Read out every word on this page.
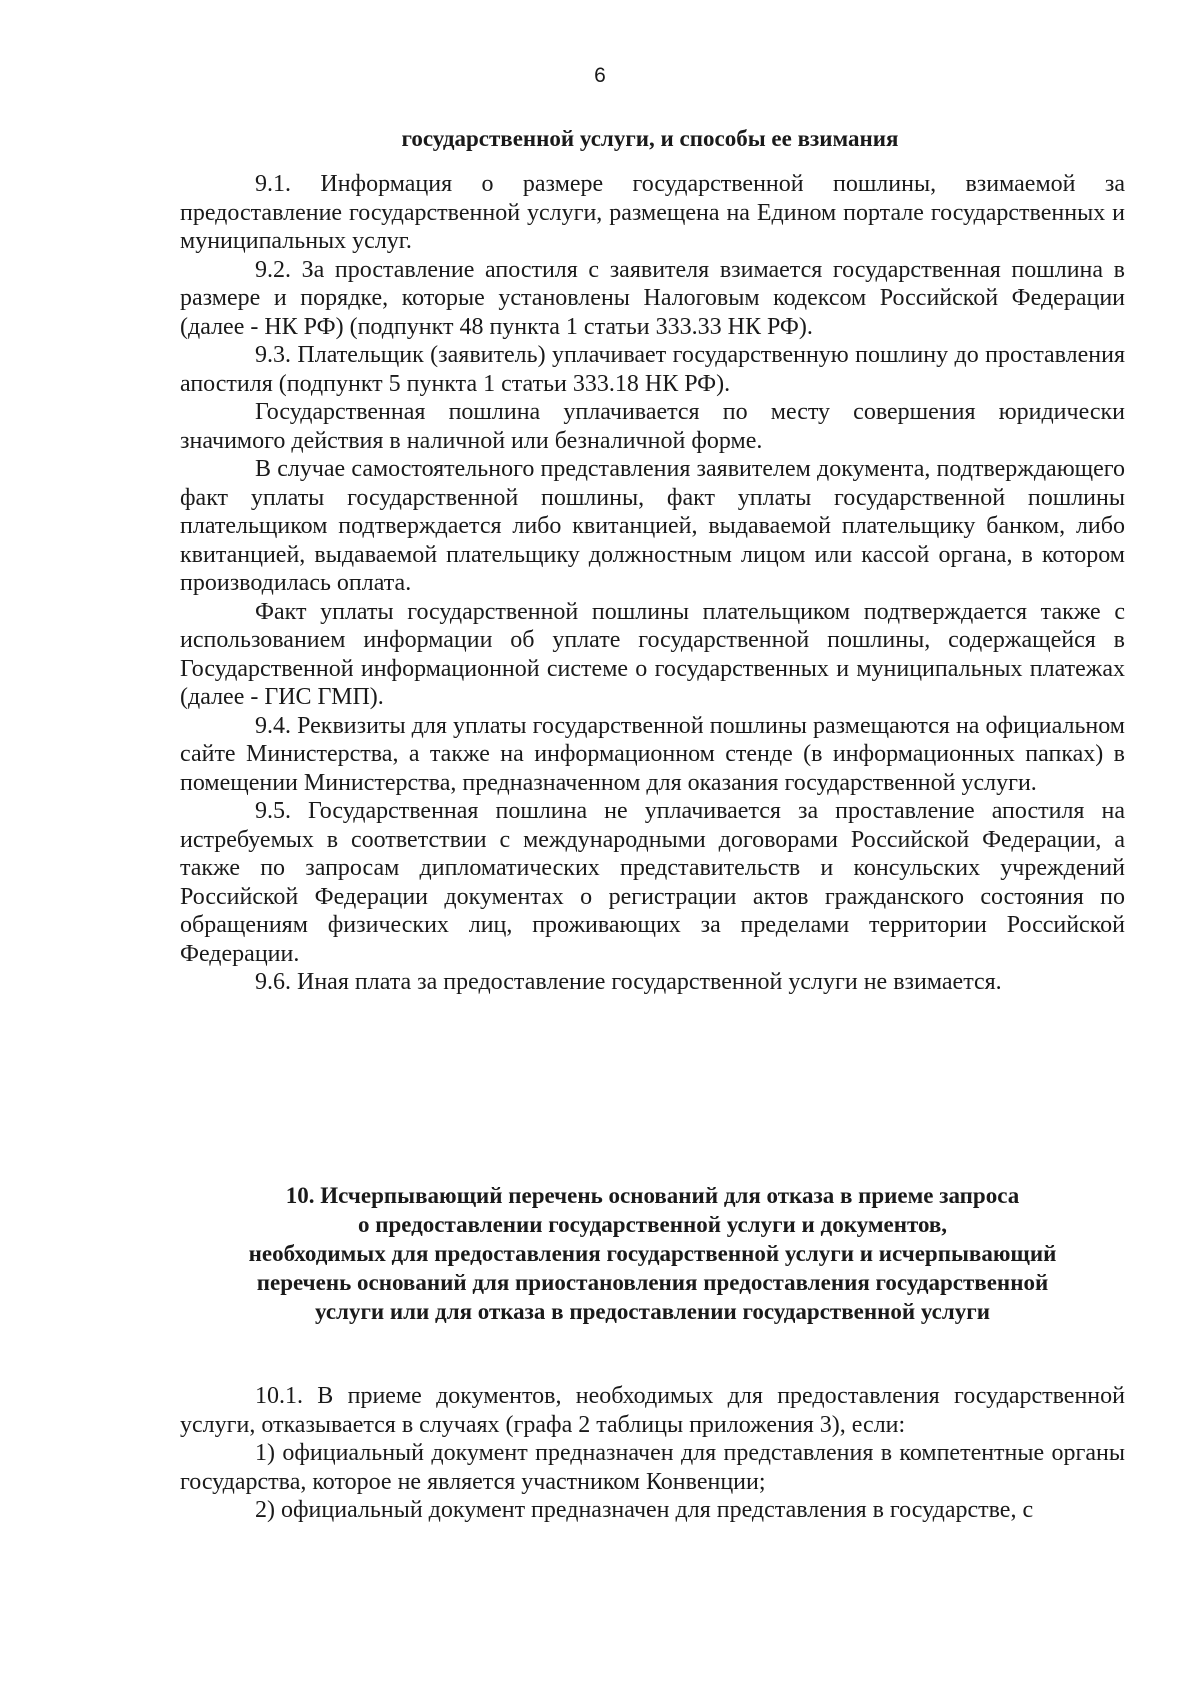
6
государственной услуги, и способы ее взимания

9.1. Информация о размере государственной пошлины, взимаемой за предоставление государственной услуги, размещена на Едином портале государственных и муниципальных услуг.

9.2. За проставление апостиля с заявителя взимается государственная пошлина в размере и порядке, которые установлены Налоговым кодексом Российской Федерации (далее - НК РФ) (подпункт 48 пункта 1 статьи 333.33 НК РФ).

9.3. Плательщик (заявитель) уплачивает государственную пошлину до проставления апостиля (подпункт 5 пункта 1 статьи 333.18 НК РФ).

Государственная пошлина уплачивается по месту совершения юридически значимого действия в наличной или безналичной форме.

В случае самостоятельного представления заявителем документа, подтверждающего факт уплаты государственной пошлины, факт уплаты государственной пошлины плательщиком подтверждается либо квитанцией, выдаваемой плательщику банком, либо квитанцией, выдаваемой плательщику должностным лицом или кассой органа, в котором производилась оплата.

Факт уплаты государственной пошлины плательщиком подтверждается также с использованием информации об уплате государственной пошлины, содержащейся в Государственной информационной системе о государственных и муниципальных платежах (далее - ГИС ГМП).

9.4. Реквизиты для уплаты государственной пошлины размещаются на официальном сайте Министерства, а также на информационном стенде (в информационных папках) в помещении Министерства, предназначенном для оказания государственной услуги.

9.5. Государственная пошлина не уплачивается за проставление апостиля на истребуемых в соответствии с международными договорами Российской Федерации, а также по запросам дипломатических представительств и консульских учреждений Российской Федерации документах о регистрации актов гражданского состояния по обращениям физических лиц, проживающих за пределами территории Российской Федерации.

9.6. Иная плата за предоставление государственной услуги не взимается.

10. Исчерпывающий перечень оснований для отказа в приеме запроса
о предоставлении государственной услуги и документов,
необходимых для предоставления государственной услуги и исчерпывающий
перечень оснований для приостановления предоставления государственной
услуги или для отказа в предоставлении государственной услуги

10.1. В приеме документов, необходимых для предоставления государственной услуги, отказывается в случаях (графа 2 таблицы приложения 3), если:

1) официальный документ предназначен для представления в компетентные органы государства, которое не является участником Конвенции;

2) официальный документ предназначен для представления в государстве, с
